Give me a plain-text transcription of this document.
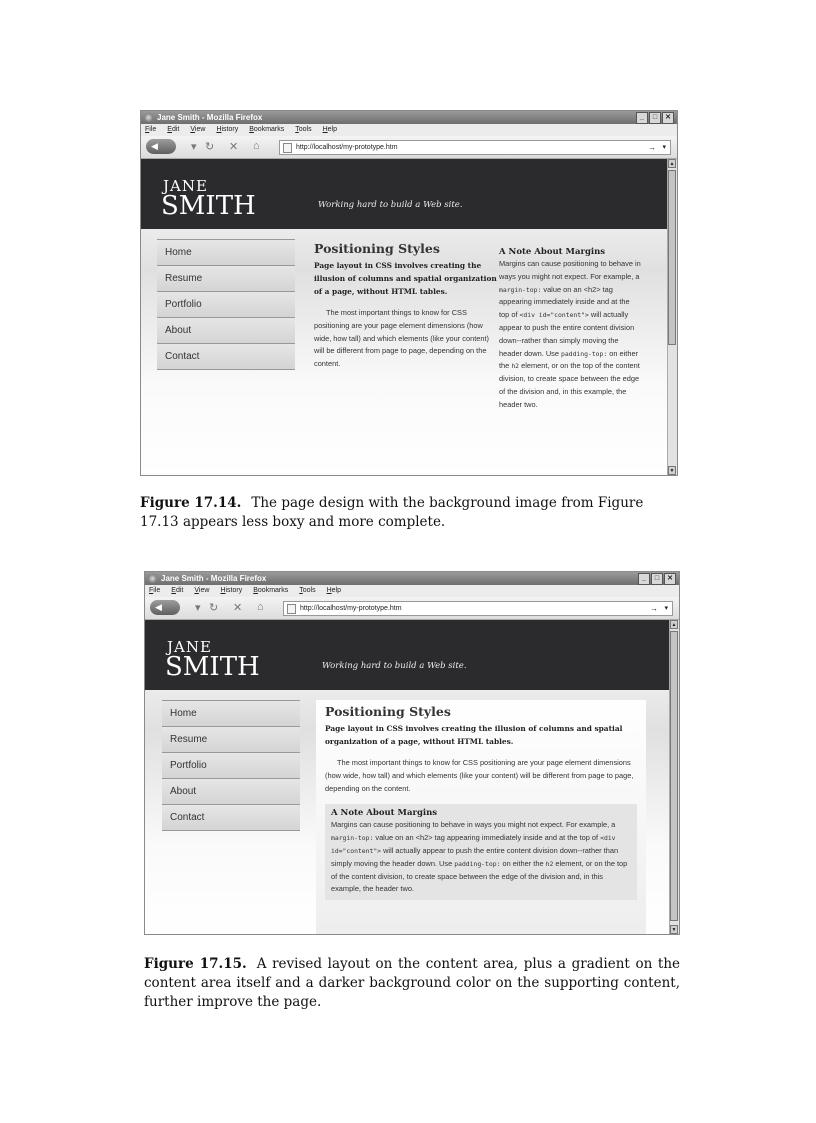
Jane Smith - Mozilla Firefox	_	□	✕
File Edit View History Bookmarks Tools Help
◀	▾ ↻ ✕ ⌂	http://localhost/my-prototype.htm	→ ▾
JANE
SMITH	Working hard to build a Web site.
Home
Resume
Portfolio
About
Contact
Positioning Styles

Page layout in CSS involves creating the illusion of columns and spatial organization of a page, without HTML tables.

The most important things to know for CSS positioning are your page element dimensions (how wide, how tall) and which elements (like your content) will be different from page to page, depending on the content.

A Note About Margins

Margins can cause positioning to behave in ways you might not expect. For example, a margin-top: value on an <h2> tag appearing immediately inside and at the top of <div id="content"> will actually appear to push the entire content division down--rather than simply moving the header down. Use padding-top: on either the h2 element, or on the top of the content division, to create space between the edge of the division and, in this example, the header two.

▲
▼
Figure 17.14. The page design with the background image from Figure 17.13 appears less boxy and more complete.
Jane Smith - Mozilla Firefox	_	□	✕
File Edit View History Bookmarks Tools Help
◀	▾ ↻ ✕ ⌂	http://localhost/my-prototype.htm	→ ▾
JANE
SMITH	Working hard to build a Web site.
Home
Resume
Portfolio
About
Contact
Positioning Styles

Page layout in CSS involves creating the illusion of columns and spatial organization of a page, without HTML tables.

The most important things to know for CSS positioning are your page element dimensions (how wide, how tall) and which elements (like your content) will be different from page to page, depending on the content.

A Note About Margins

Margins can cause positioning to behave in ways you might not expect. For example, a margin-top: value on an <h2> tag appearing immediately inside and at the top of <div id="content"> will actually appear to push the entire content division down--rather than simply moving the header down. Use padding-top: on either the h2 element, or on the top of the content division, to create space between the edge of the division and, in this example, the header two.

▲
▼
Figure 17.15. A revised layout on the content area, plus a gradient on the content area itself and a darker background color on the supporting content, further improve the page.
